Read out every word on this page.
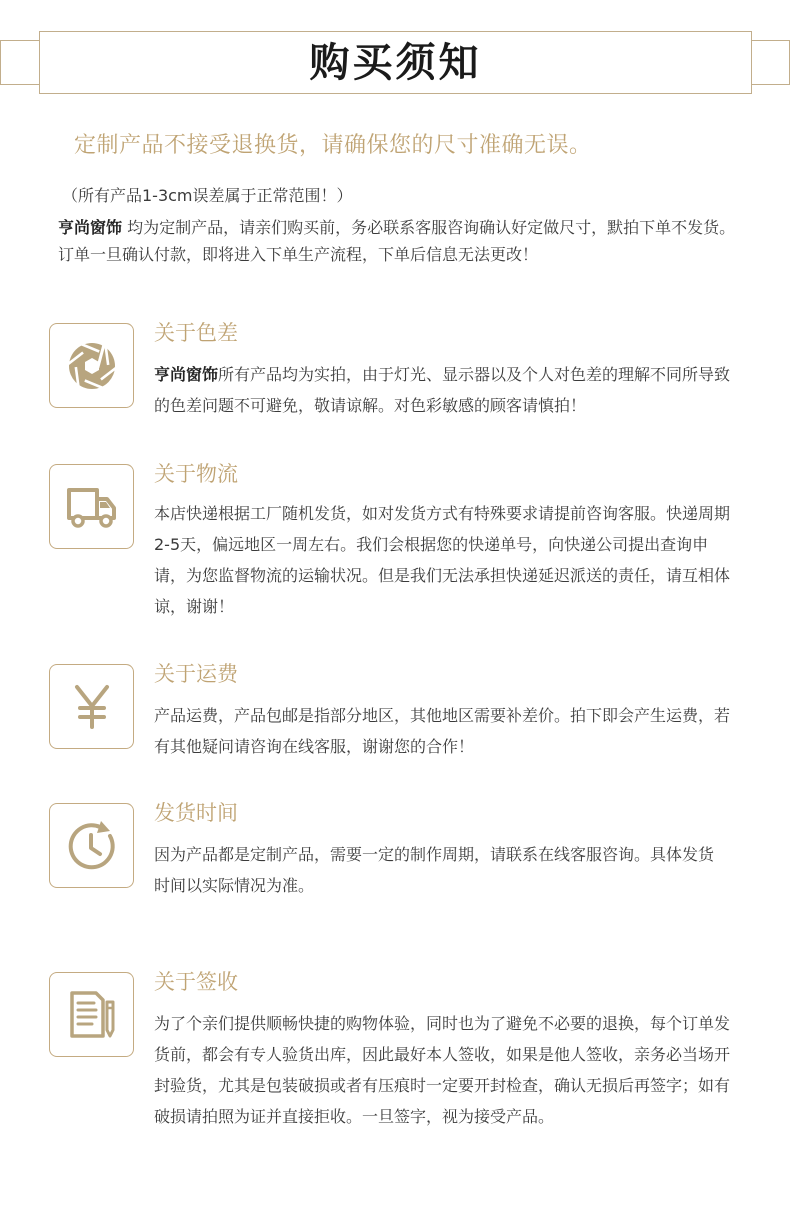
购买须知
定制产品不接受退换货，请确保您的尺寸准确无误。
（所有产品1-3cm误差属于正常范围！）
亨尚窗饰 均为定制产品，请亲们购买前，务必联系客服咨询确认好定做尺寸，默拍下单不发货。订单一旦确认付款，即将进入下单生产流程，下单后信息无法更改！
关于色差
亨尚窗饰所有产品均为实拍，由于灯光、显示器以及个人对色差的理解不同所导致的色差问题不可避免，敬请谅解。对色彩敏感的顾客请慎拍！
关于物流
本店快递根据工厂随机发货，如对发货方式有特殊要求请提前咨询客服。快递周期2-5天，偏远地区一周左右。我们会根据您的快递单号，向快递公司提出查询申请，为您监督物流的运输状况。但是我们无法承担快递延迟派送的责任，请互相体谅，谢谢！
关于运费
产品运费，产品包邮是指部分地区，其他地区需要补差价。拍下即会产生运费，若有其他疑问请咨询在线客服，谢谢您的合作！
发货时间
因为产品都是定制产品，需要一定的制作周期，请联系在线客服咨询。具体发货时间以实际情况为准。
关于签收
为了个亲们提供顺畅快捷的购物体验，同时也为了避免不必要的退换，每个订单发货前，都会有专人验货出库，因此最好本人签收，如果是他人签收，亲务必当场开封验货，尤其是包装破损或者有压痕时一定要开封检查，确认无损后再签字；如有破损请拍照为证并直接拒收。一旦签字，视为接受产品。
